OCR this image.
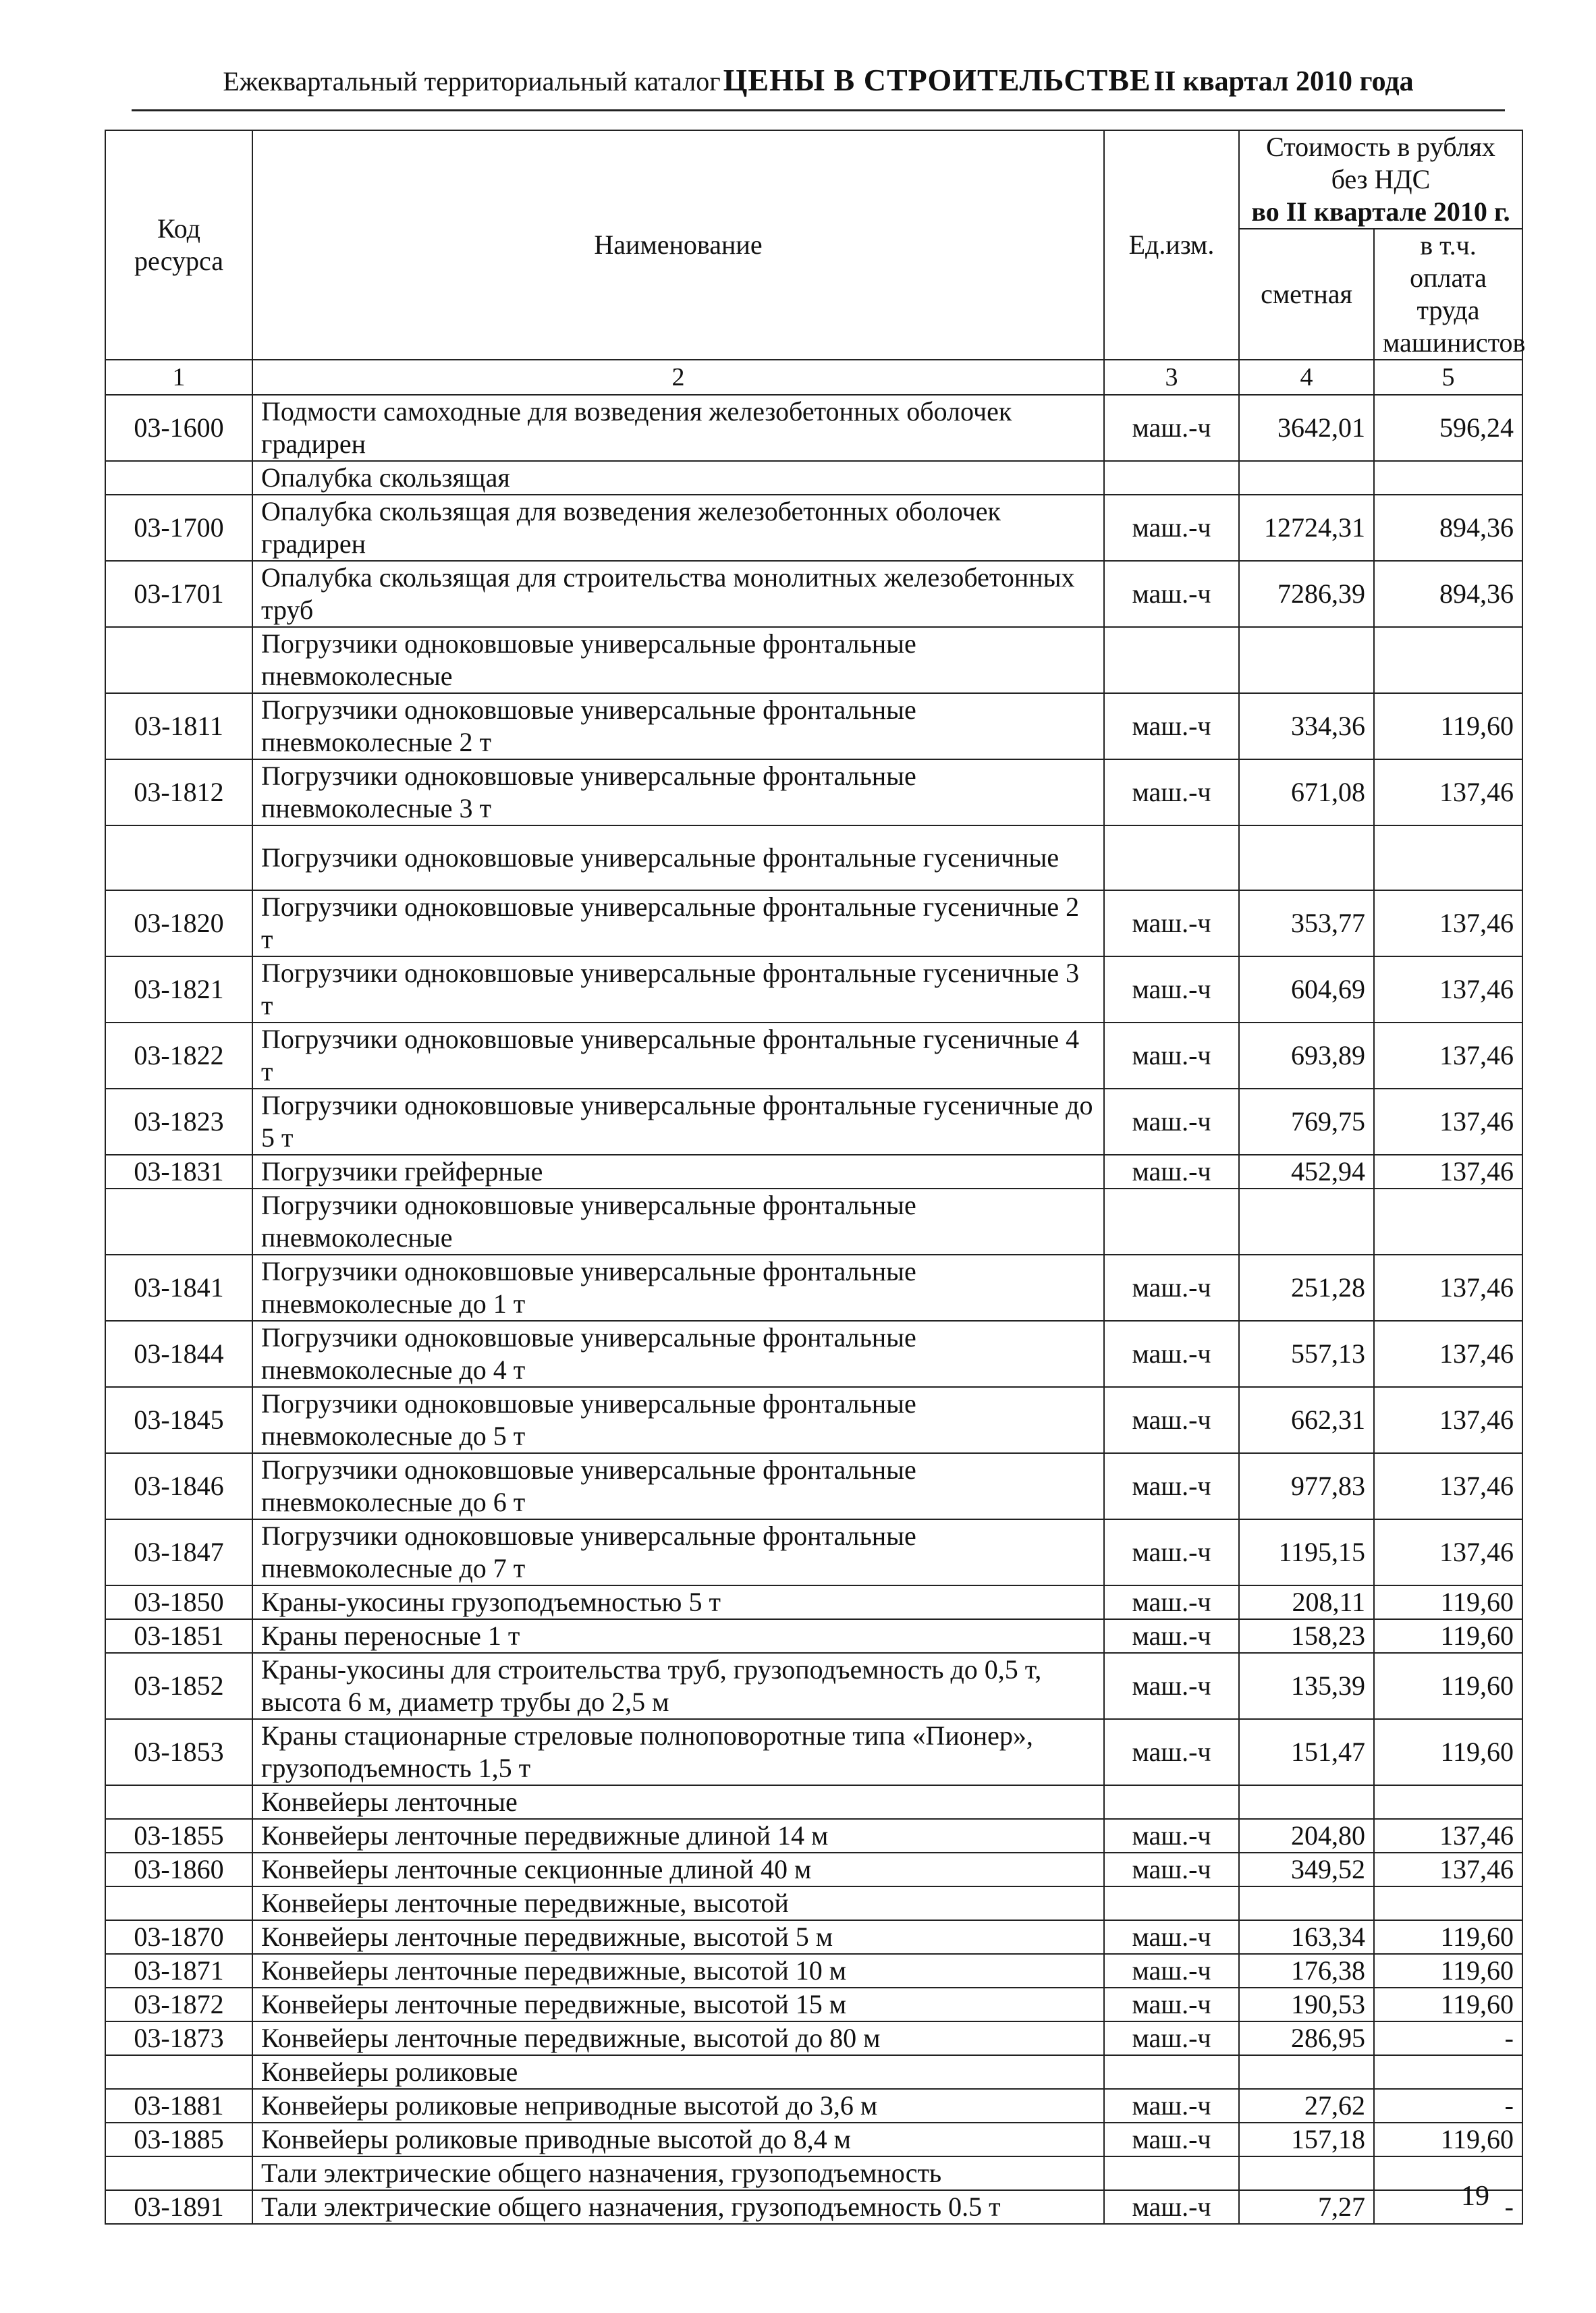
Ежеквартальный территориальный каталог ЦЕНЫ В СТРОИТЕЛЬСТВЕ II квартал 2010 года
Код ресурса	Наименование	Ед.изм.	Стоимость в рублях без НДС
во II квартале 2010 г.	

			сметная	в т.ч. оплата труда машинистов
1	2	3	4	5
03-1600	Подмости самоходные для возведения железобетонных оболочек градирен	маш.-ч	3642,01	596,24
	Опалубка скользящая			
03-1700	Опалубка скользящая для возведения железобетонных оболочек градирен	маш.-ч	12724,31	894,36
03-1701	Опалубка скользящая для строительства монолитных железобетонных труб	маш.-ч	7286,39	894,36
	Погрузчики одноковшовые универсальные фронтальные пневмоколесные			
03-1811	Погрузчики одноковшовые универсальные фронтальные пневмоколесные 2 т	маш.-ч	334,36	119,60
03-1812	Погрузчики одноковшовые универсальные фронтальные пневмоколесные 3 т	маш.-ч	671,08	137,46
	Погрузчики одноковшовые универсальные фронтальные гусеничные			
03-1820	Погрузчики одноковшовые универсальные фронтальные гусеничные 2 т	маш.-ч	353,77	137,46
03-1821	Погрузчики одноковшовые универсальные фронтальные гусеничные 3 т	маш.-ч	604,69	137,46
03-1822	Погрузчики одноковшовые универсальные фронтальные гусеничные 4 т	маш.-ч	693,89	137,46
03-1823	Погрузчики одноковшовые универсальные фронтальные гусеничные до 5 т	маш.-ч	769,75	137,46
03-1831	Погрузчики грейферные	маш.-ч	452,94	137,46
	Погрузчики одноковшовые универсальные фронтальные пневмоколесные			
03-1841	Погрузчики одноковшовые универсальные фронтальные пневмоколесные до 1 т	маш.-ч	251,28	137,46
03-1844	Погрузчики одноковшовые универсальные фронтальные пневмоколесные до 4 т	маш.-ч	557,13	137,46
03-1845	Погрузчики одноковшовые универсальные фронтальные пневмоколесные до 5 т	маш.-ч	662,31	137,46
03-1846	Погрузчики одноковшовые универсальные фронтальные пневмоколесные до 6 т	маш.-ч	977,83	137,46
03-1847	Погрузчики одноковшовые универсальные фронтальные пневмоколесные до 7 т	маш.-ч	1195,15	137,46
03-1850	Краны-укосины грузоподъемностью 5 т	маш.-ч	208,11	119,60
03-1851	Краны переносные 1 т	маш.-ч	158,23	119,60
03-1852	Краны-укосины для строительства труб, грузоподъемность до 0,5 т, высота 6 м, диаметр трубы до 2,5 м	маш.-ч	135,39	119,60
03-1853	Краны стационарные стреловые полноповоротные типа «Пионер», грузоподъемность 1,5 т	маш.-ч	151,47	119,60
	Конвейеры ленточные			
03-1855	Конвейеры ленточные передвижные длиной 14 м	маш.-ч	204,80	137,46
03-1860	Конвейеры ленточные секционные длиной 40 м	маш.-ч	349,52	137,46
	Конвейеры ленточные передвижные, высотой			
03-1870	Конвейеры ленточные передвижные, высотой 5 м	маш.-ч	163,34	119,60
03-1871	Конвейеры ленточные передвижные, высотой 10 м	маш.-ч	176,38	119,60
03-1872	Конвейеры ленточные передвижные, высотой 15 м	маш.-ч	190,53	119,60
03-1873	Конвейеры ленточные передвижные, высотой до 80 м	маш.-ч	286,95	-
	Конвейеры роликовые			
03-1881	Конвейеры роликовые неприводные высотой до 3,6 м	маш.-ч	27,62	-
03-1885	Конвейеры роликовые приводные высотой до 8,4 м	маш.-ч	157,18	119,60
	Тали электрические общего назначения, грузоподъемность			
03-1891	Тали электрические общего назначения, грузоподъемность 0.5 т	маш.-ч	7,27	-
19
